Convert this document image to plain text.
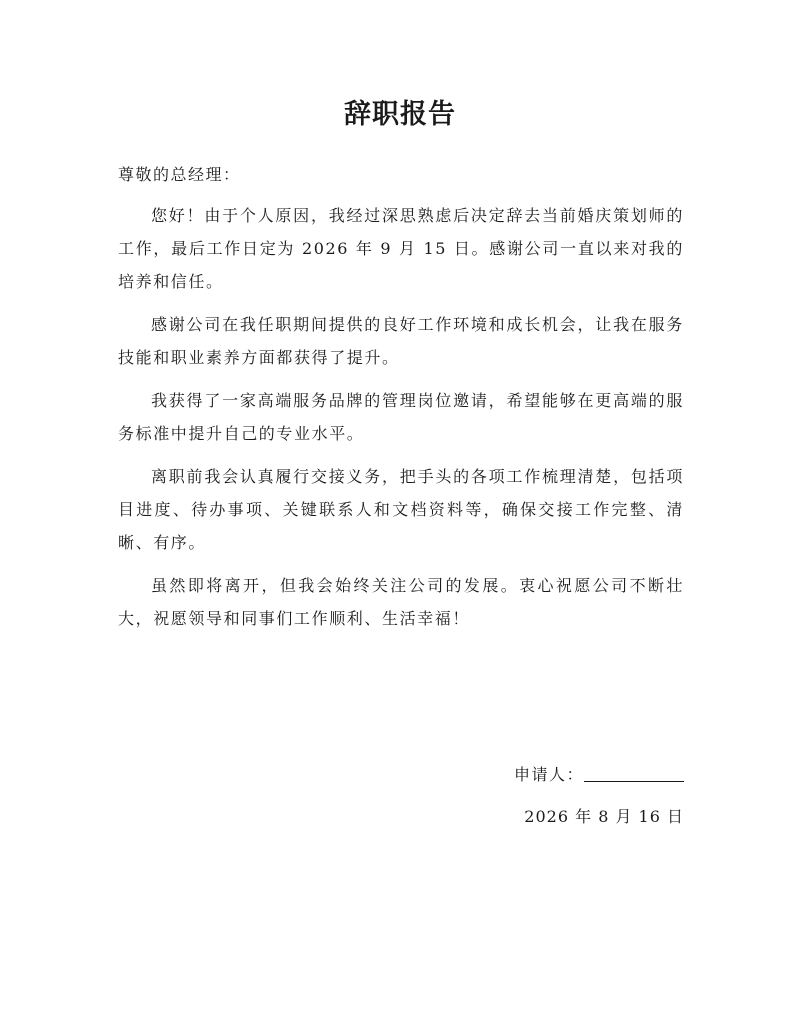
辞职报告
尊敬的总经理：

您好！由于个人原因，我经过深思熟虑后决定辞去当前婚庆策划师的工作，最后工作日定为 2026 年 9 月 15 日。感谢公司一直以来对我的培养和信任。

感谢公司在我任职期间提供的良好工作环境和成长机会，让我在服务技能和职业素养方面都获得了提升。

我获得了一家高端服务品牌的管理岗位邀请，希望能够在更高端的服务标准中提升自己的专业水平。

离职前我会认真履行交接义务，把手头的各项工作梳理清楚，包括项目进度、待办事项、关键联系人和文档资料等，确保交接工作完整、清晰、有序。

虽然即将离开，但我会始终关注公司的发展。衷心祝愿公司不断壮大，祝愿领导和同事们工作顺利、生活幸福！

申请人：
2026 年 8 月 16 日
